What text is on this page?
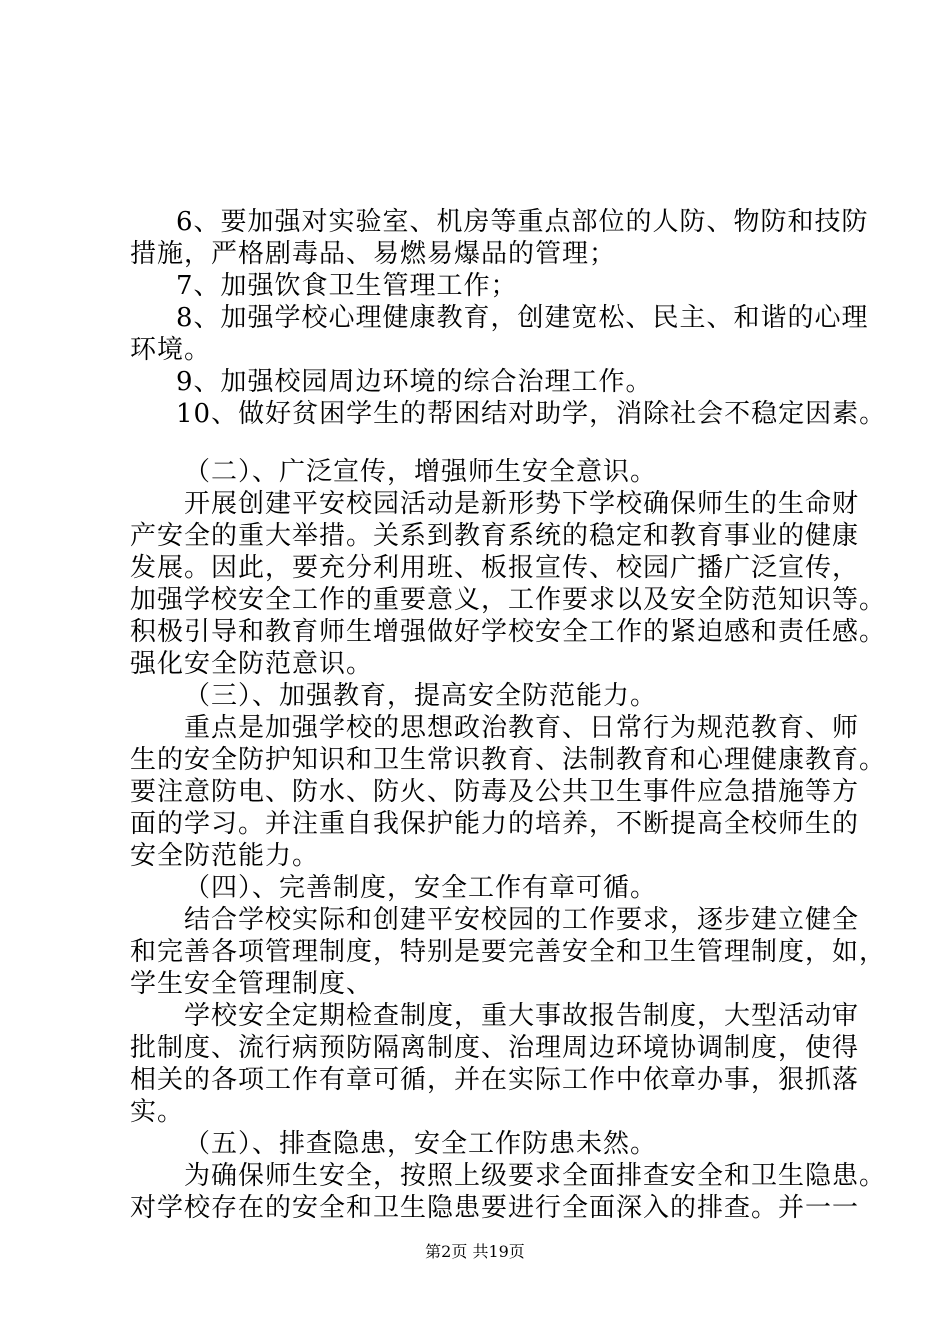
6、要加强对实验室、机房等重点部位的人防、物防和技防
措施，严格剧毒品、易燃易爆品的管理；
7、加强饮食卫生管理工作；
8、加强学校心理健康教育，创建宽松、民主、和谐的心理
环境。
9、加强校园周边环境的综合治理工作。
10、做好贫困学生的帮困结对助学，消除社会不稳定因素。
（二）、广泛宣传，增强师生安全意识。
开展创建平安校园活动是新形势下学校确保师生的生命财
产安全的重大举措。关系到教育系统的稳定和教育事业的健康
发展。因此，要充分利用班、板报宣传、校园广播广泛宣传，
加强学校安全工作的重要意义，工作要求以及安全防范知识等。
积极引导和教育师生增强做好学校安全工作的紧迫感和责任感。
强化安全防范意识。
（三）、加强教育，提高安全防范能力。
重点是加强学校的思想政治教育、日常行为规范教育、师
生的安全防护知识和卫生常识教育、法制教育和心理健康教育。
要注意防电、防水、防火、防毒及公共卫生事件应急措施等方
面的学习。并注重自我保护能力的培养，不断提高全校师生的
安全防范能力。
（四）、完善制度，安全工作有章可循。
结合学校实际和创建平安校园的工作要求，逐步建立健全
和完善各项管理制度，特别是要完善安全和卫生管理制度，如，
学生安全管理制度、
学校安全定期检查制度，重大事故报告制度，大型活动审
批制度、流行病预防隔离制度、治理周边环境协调制度，使得
相关的各项工作有章可循，并在实际工作中依章办事，狠抓落
实。
（五）、排查隐患，安全工作防患未然。
为确保师生安全，按照上级要求全面排查安全和卫生隐患。
对学校存在的安全和卫生隐患要进行全面深入的排查。并一一
第2页 共19页
